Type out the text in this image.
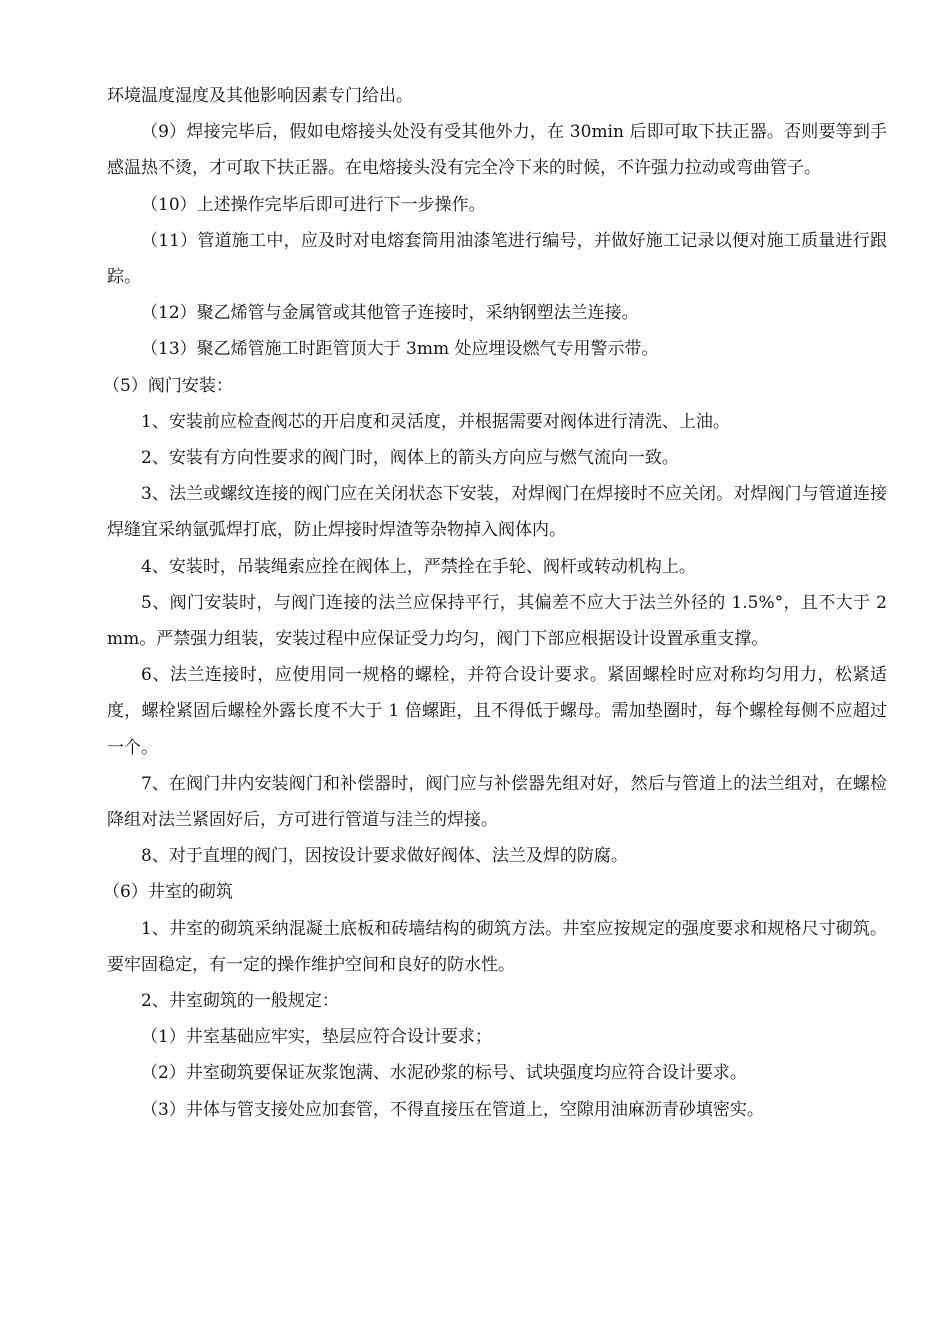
环境温度湿度及其他影响因素专门给出。

（9）焊接完毕后，假如电熔接头处没有受其他外力，在 30min 后即可取下扶正器。否则要等到手感温热不烫，才可取下扶正器。在电熔接头没有完全冷下来的时候，不许强力拉动或弯曲管子。

（10）上述操作完毕后即可进行下一步操作。

（11）管道施工中，应及时对电熔套筒用油漆笔进行编号，并做好施工记录以便对施工质量进行跟踪。

（12）聚乙烯管与金属管或其他管子连接时，采纳钢塑法兰连接。

（13）聚乙烯管施工时距管顶大于 3mm 处应埋设燃气专用警示带。

（5）阀门安装：

1、安装前应检查阀芯的开启度和灵活度，并根据需要对阀体进行清洗、上油。

2、安装有方向性要求的阀门时，阀体上的箭头方向应与燃气流向一致。

3、法兰或螺纹连接的阀门应在关闭状态下安装，对焊阀门在焊接时不应关闭。对焊阀门与管道连接焊缝宜采纳氩弧焊打底，防止焊接时焊渣等杂物掉入阀体内。

4、安装时，吊装绳索应拴在阀体上，严禁拴在手轮、阀杆或转动机构上。

5、阀门安装时，与阀门连接的法兰应保持平行，其偏差不应大于法兰外径的 1.5%°，且不大于 2mm。严禁强力组装，安装过程中应保证受力均匀，阀门下部应根据设计设置承重支撑。

6、法兰连接时，应使用同一规格的螺栓，并符合设计要求。紧固螺栓时应对称均匀用力，松紧适度，螺栓紧固后螺栓外露长度不大于 1 倍螺距，且不得低于螺母。需加垫圈时，每个螺栓每侧不应超过一个。

7、在阀门井内安装阀门和补偿器时，阀门应与补偿器先组对好，然后与管道上的法兰组对，在螺检降组对法兰紧固好后，方可进行管道与洼兰的焊接。

8、对于直埋的阀门，因按设计要求做好阀体、法兰及焊的防腐。

（6）井室的砌筑

1、井室的砌筑采纳混凝土底板和砖墙结构的砌筑方法。井室应按规定的强度要求和规格尺寸砌筑。要牢固稳定，有一定的操作维护空间和良好的防水性。

2、井室砌筑的一般规定：

（1）井室基础应牢实，垫层应符合设计要求；

（2）井室砌筑要保证灰浆饱满、水泥砂浆的标号、试块强度均应符合设计要求。

（3）井体与管支接处应加套管，不得直接压在管道上，空隙用油麻沥青砂填密实。
